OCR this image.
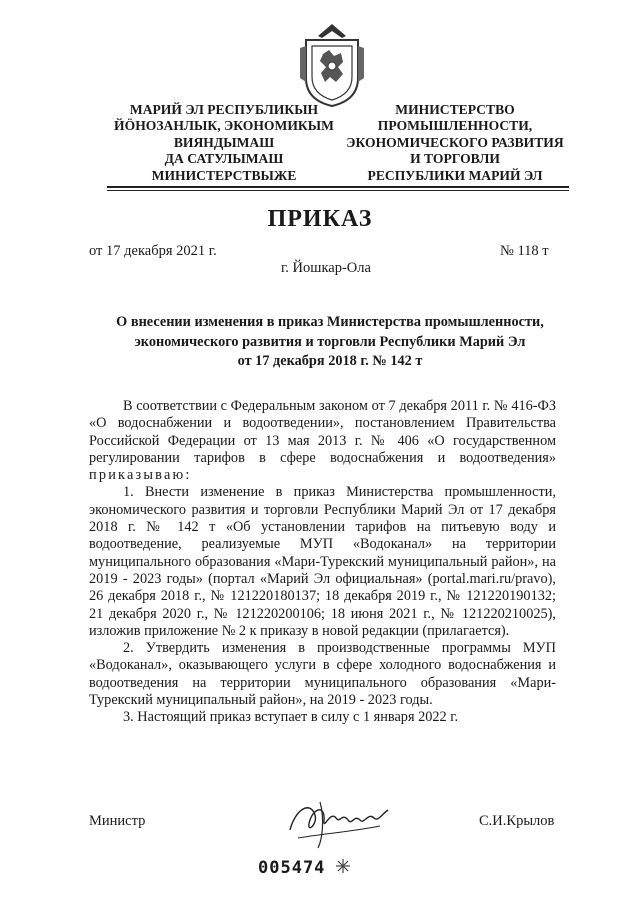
МАРИЙ ЭЛ РЕСПУБЛИКЫН
ЙӦНОЗАНЛЫК, ЭКОНОМИКЫМ
ВИЯНДЫМАШ
ДА САТУЛЫМАШ
МИНИСТЕРСТВЫЖЕ
МИНИСТЕРСТВО
ПРОМЫШЛЕННОСТИ,
ЭКОНОМИЧЕСКОГО РАЗВИТИЯ
И ТОРГОВЛИ
РЕСПУБЛИКИ МАРИЙ ЭЛ
ПРИКАЗ
от 17 декабря 2021 г.	№ 118 т
г. Йошкар-Ола
О внесении изменения в приказ Министерства промышленности,
экономического развития и торговли Республики Марий Эл
от 17 декабря 2018 г. № 142 т

В соответствии с Федеральным законом от 7 декабря 2011 г. № 416-ФЗ «О водоснабжении и водоотведении», постановлением Правительства Российской Федерации от 13 мая 2013 г. № 406 «О государственном регулировании тарифов в сфере водоснабжения и водоотведения» приказываю:

1. Внести изменение в приказ Министерства промышленности, экономического развития и торговли Республики Марий Эл от 17 декабря 2018 г. № 142 т «Об установлении тарифов на питьевую воду и водоотведение, реализуемые МУП «Водоканал» на территории муниципального образования «Мари-Турекский муниципальный район», на 2019 - 2023 годы» (портал «Марий Эл официальная» (portal.mari.ru/pravo), 26 декабря 2018 г., № 121220180137; 18 декабря 2019 г., № 121220190132; 21 декабря 2020 г., № 121220200106; 18 июня 2021 г., № 121220210025), изложив приложение № 2 к приказу в новой редакции (прилагается).

2. Утвердить изменения в производственные программы МУП «Водоканал», оказывающего услуги в сфере холодного водоснабжения и водоотведения на территории муниципального образования «Мари-Турекский муниципальный район», на 2019 - 2023 годы.

3. Настоящий приказ вступает в силу с 1 января 2022 г.

Министр	С.И.Крылов
005474
